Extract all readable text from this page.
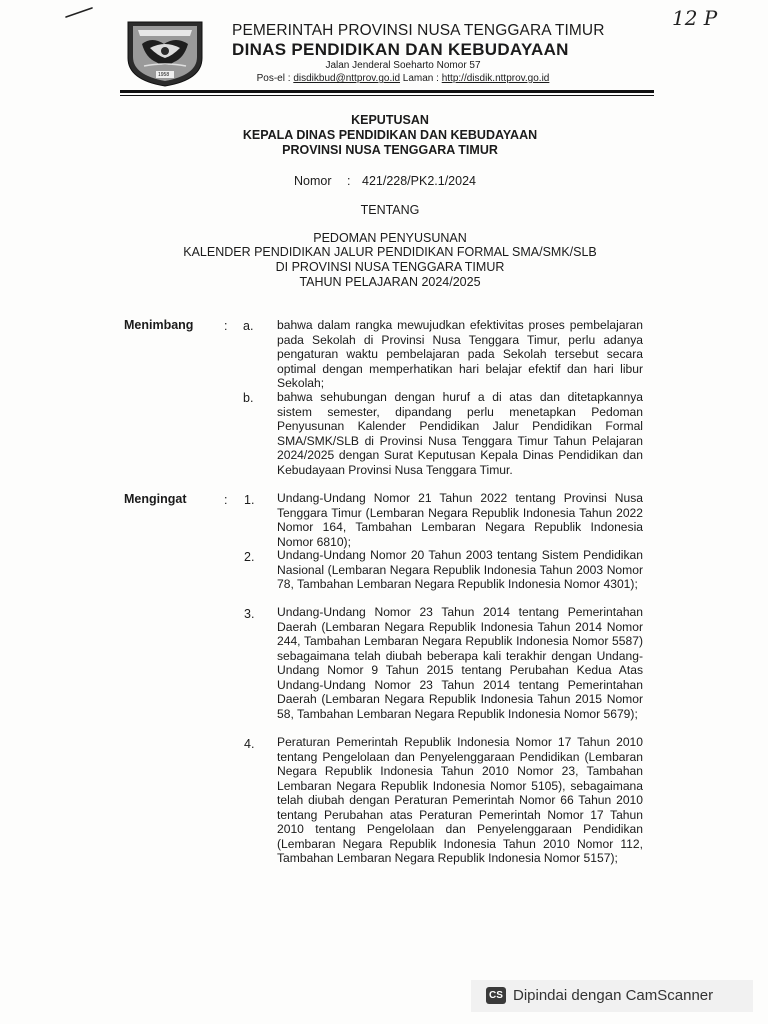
12 P
1958
PEMERINTAH PROVINSI NUSA TENGGARA TIMUR
DINAS PENDIDIKAN DAN KEBUDAYAAN
Jalan Jenderal Soeharto Nomor 57
Pos-el : disdikbud@nttprov.go.id Laman : http://disdik.nttprov.go.id
KEPUTUSAN
KEPALA DINAS PENDIDIKAN DAN KEBUDAYAAN
PROVINSI NUSA TENGGARA TIMUR
Nomor : 421/228/PK2.1/2024
TENTANG
PEDOMAN PENYUSUNAN
KALENDER PENDIDIKAN JALUR PENDIDIKAN FORMAL SMA/SMK/SLB
DI PROVINSI NUSA TENGGARA TIMUR
TAHUN PELAJARAN 2024/2025
Menimbang : a. bahwa dalam rangka mewujudkan efektivitas proses pembelajaran pada Sekolah di Provinsi Nusa Tenggara Timur, perlu adanya pengaturan waktu pembelajaran pada Sekolah tersebut secara optimal dengan memperhatikan hari belajar efektif dan hari libur Sekolah;
b. bahwa sehubungan dengan huruf a di atas dan ditetapkannya sistem semester, dipandang perlu menetapkan Pedoman Penyusunan Kalender Pendidikan Jalur Pendidikan Formal SMA/SMK/SLB di Provinsi Nusa Tenggara Timur Tahun Pelajaran 2024/2025 dengan Surat Keputusan Kepala Dinas Pendidikan dan Kebudayaan Provinsi Nusa Tenggara Timur.
Mengingat	: 1. Undang-Undang Nomor 21 Tahun 2022 tentang Provinsi Nusa Tenggara Timur (Lembaran Negara Republik Indonesia Tahun 2022 Nomor 164, Tambahan Lembaran Negara Republik Indonesia Nomor 6810);
2. Undang-Undang Nomor 20 Tahun 2003 tentang Sistem Pendidikan Nasional (Lembaran Negara Republik Indonesia Tahun 2003 Nomor 78, Tambahan Lembaran Negara Republik Indonesia Nomor 4301);
3. Undang-Undang Nomor 23 Tahun 2014 tentang Pemerintahan Daerah (Lembaran Negara Republik Indonesia Tahun 2014 Nomor 244, Tambahan Lembaran Negara Republik Indonesia Nomor 5587) sebagaimana telah diubah beberapa kali terakhir dengan Undang-Undang Nomor 9 Tahun 2015 tentang Perubahan Kedua Atas Undang-Undang Nomor 23 Tahun 2014 tentang Pemerintahan Daerah (Lembaran Negara Republik Indonesia Tahun 2015 Nomor 58, Tambahan Lembaran Negara Republik Indonesia Nomor 5679);
4. Peraturan Pemerintah Republik Indonesia Nomor 17 Tahun 2010 tentang Pengelolaan dan Penyelenggaraan Pendidikan (Lembaran Negara Republik Indonesia Tahun 2010 Nomor 23, Tambahan Lembaran Negara Republik Indonesia Nomor 5105), sebagaimana telah diubah dengan Peraturan Pemerintah Nomor 66 Tahun 2010 tentang Perubahan atas Peraturan Pemerintah Nomor 17 Tahun 2010 tentang Pengelolaan dan Penyelenggaraan Pendidikan (Lembaran Negara Republik Indonesia Tahun 2010 Nomor 112, Tambahan Lembaran Negara Republik Indonesia Nomor 5157);
CS Dipindai dengan CamScanner
